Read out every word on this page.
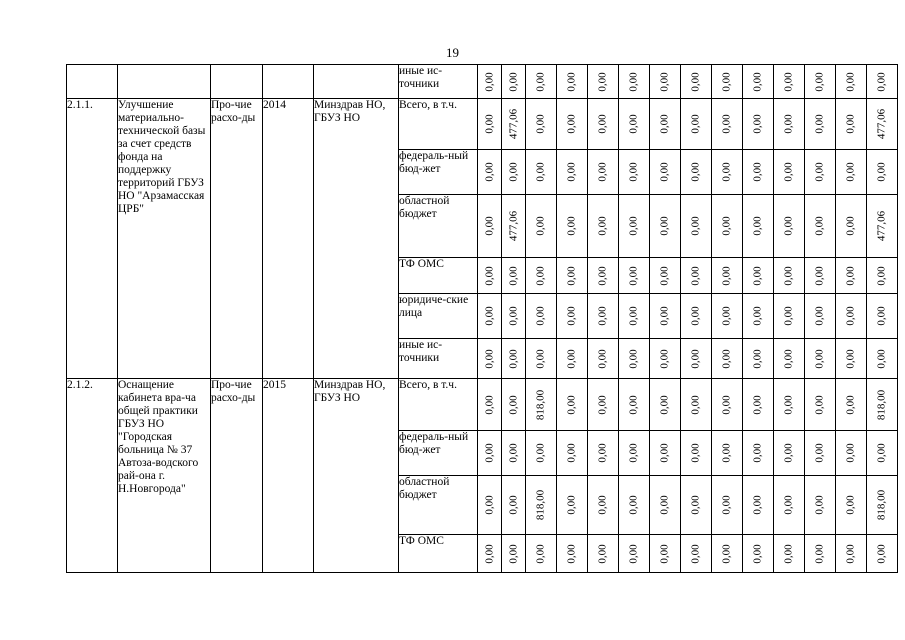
19
					иные ис-точники	0,00	0,00	0,00	0,00	0,00	0,00	0,00	0,00	0,00	0,00	0,00	0,00	0,00	0,00

2.1.1.	Улучшение материально-технической базы за счет средств фонда на поддержку территорий ГБУЗ НО "Арзамасская ЦРБ"	Про-чие расхо-ды	2014	Минздрав НО, ГБУЗ НО	Всего, в т.ч.	0,00	477,06	0,00	0,00	0,00	0,00	0,00	0,00	0,00	0,00	0,00	0,00	0,00	477,06

					федераль-ный бюд-жет	0,00	0,00	0,00	0,00	0,00	0,00	0,00	0,00	0,00	0,00	0,00	0,00	0,00	0,00

					областной бюджет	0,00	477,06	0,00	0,00	0,00	0,00	0,00	0,00	0,00	0,00	0,00	0,00	0,00	477,06

					ТФ ОМС	0,00	0,00	0,00	0,00	0,00	0,00	0,00	0,00	0,00	0,00	0,00	0,00	0,00	0,00

					юридиче-ские лица	0,00	0,00	0,00	0,00	0,00	0,00	0,00	0,00	0,00	0,00	0,00	0,00	0,00	0,00

					иные ис-точники	0,00	0,00	0,00	0,00	0,00	0,00	0,00	0,00	0,00	0,00	0,00	0,00	0,00	0,00

2.1.2.	Оснащение кабинета вра-ча общей практики ГБУЗ НО "Городская больница № 37 Автоза-водского рай-она г. Н.Новгорода"	Про-чие расхо-ды	2015	Минздрав НО, ГБУЗ НО	Всего, в т.ч.	0,00	0,00	818,00	0,00	0,00	0,00	0,00	0,00	0,00	0,00	0,00	0,00	0,00	818,00

					федераль-ный бюд-жет	0,00	0,00	0,00	0,00	0,00	0,00	0,00	0,00	0,00	0,00	0,00	0,00	0,00	0,00

					областной бюджет	0,00	0,00	818,00	0,00	0,00	0,00	0,00	0,00	0,00	0,00	0,00	0,00	0,00	818,00

					ТФ ОМС	0,00	0,00	0,00	0,00	0,00	0,00	0,00	0,00	0,00	0,00	0,00	0,00	0,00	0,00
